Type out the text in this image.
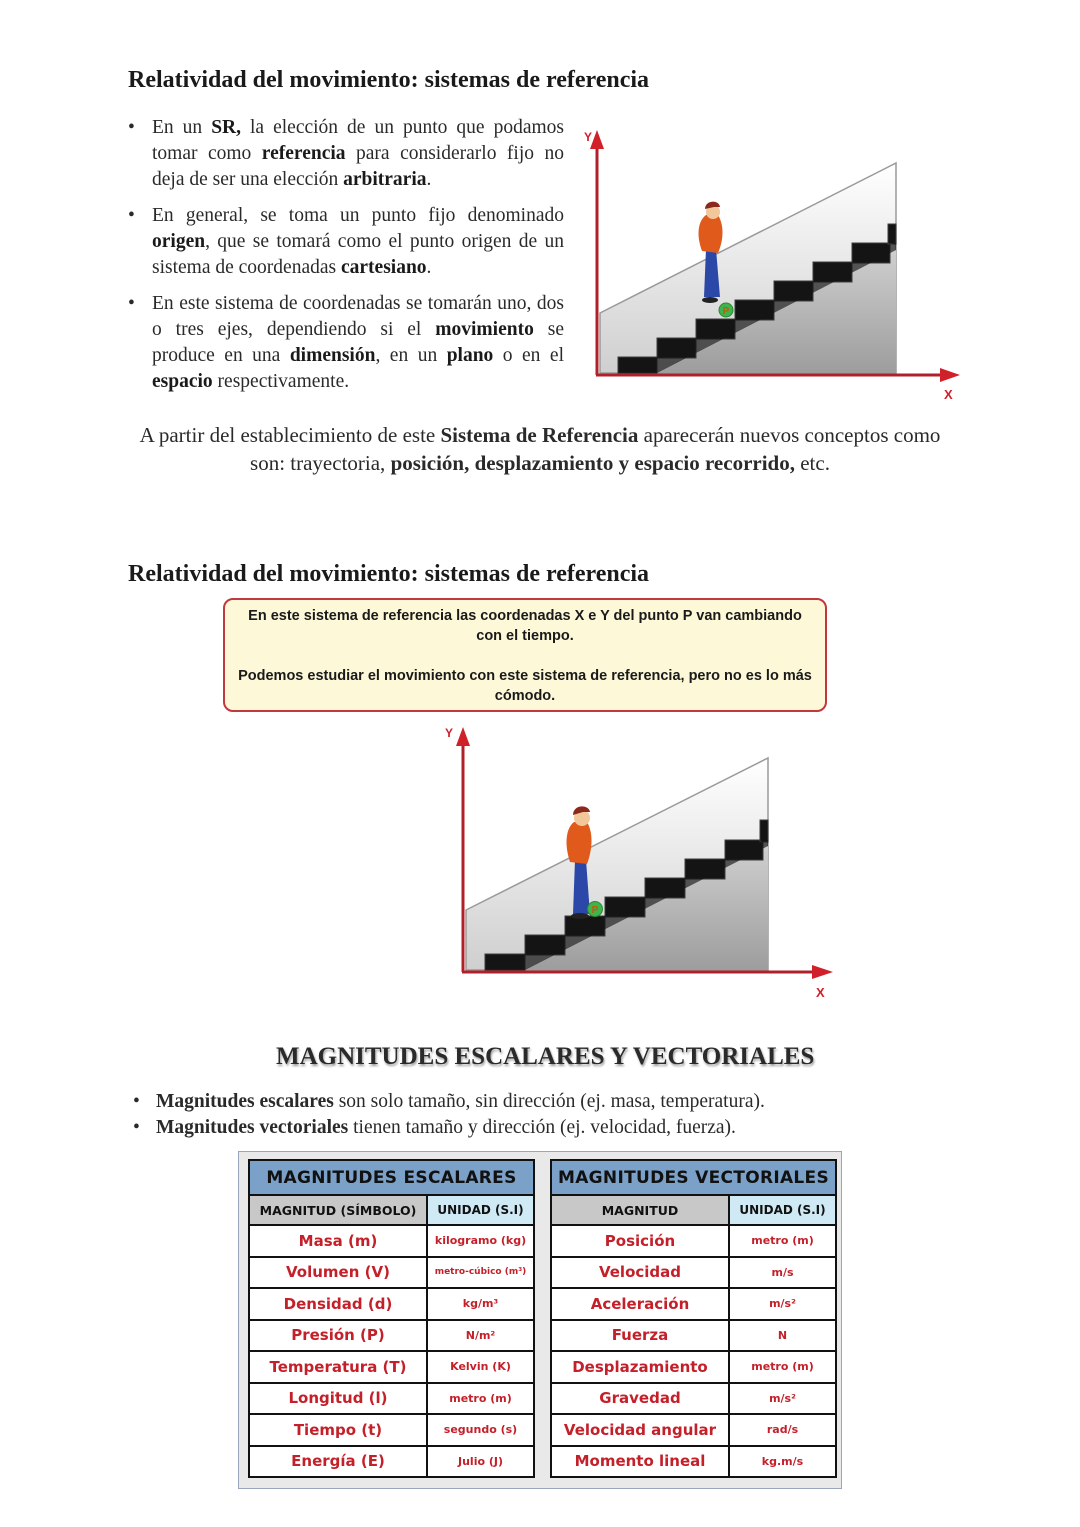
Relatividad del movimiento: sistemas de referencia
• En un SR, la elección de un punto que podamos tomar como referencia para considerarlo fijo no deja de ser una elección arbitraria.
• En general, se toma un punto fijo denominado origen, que se tomará como el punto origen de un sistema de coordenadas cartesiano.
• En este sistema de coordenadas se tomarán uno, dos o tres ejes, dependiendo si el movimiento se produce en una dimensión, en un plano o en el espacio respectivamente.
P
Y
X
A partir del establecimiento de este Sistema de Referencia aparecerán nuevos conceptos como son: trayectoria, posición, desplazamiento y espacio recorrido, etc.
Relatividad del movimiento: sistemas de referencia

En este sistema de referencia las coordenadas X e Y del punto P van cambiando con el tiempo.

Podemos estudiar el movimiento con este sistema de referencia, pero no es lo más cómodo.

P
Y
X
MAGNITUDES ESCALARES Y VECTORIALES
• Magnitudes escalares son solo tamaño, sin dirección (ej. masa, temperatura).
• Magnitudes vectoriales tienen tamaño y dirección (ej. velocidad, fuerza).
MAGNITUDES ESCALARES	
MAGNITUD (SÍMBOLO)	UNIDAD (S.I)
Masa (m)	kilogramo (kg)
Volumen (V)	metro-cúbico (m³)
Densidad (d)	kg/m³
Presión (P)	N/m²
Temperatura (T)	Kelvin (K)
Longitud (l)	metro (m)
Tiempo (t)	segundo (s)
Energía (E)	Julio (J)
MAGNITUDES VECTORIALES	
MAGNITUD	UNIDAD (S.I)
Posición	metro (m)
Velocidad	m/s
Aceleración	m/s²
Fuerza	N
Desplazamiento	metro (m)
Gravedad	m/s²
Velocidad angular	rad/s
Momento lineal	kg.m/s
